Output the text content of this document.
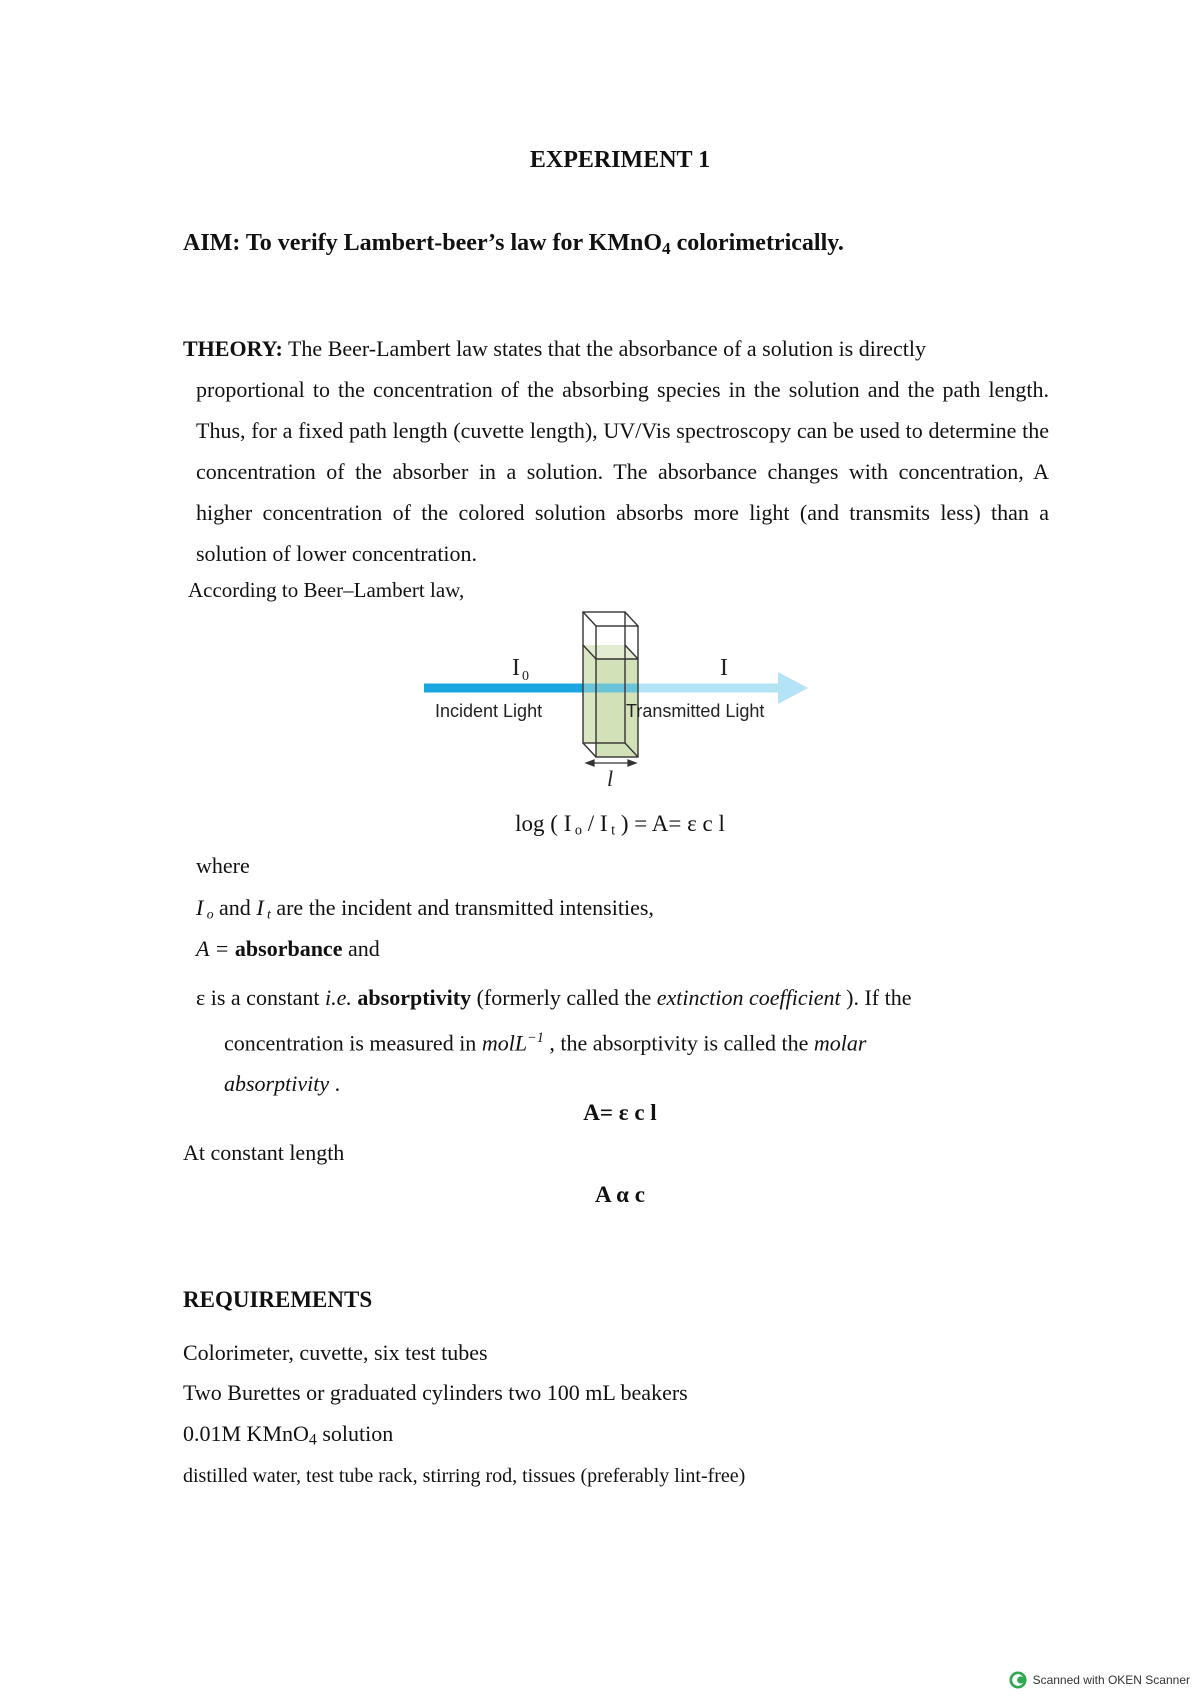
EXPERIMENT 1
AIM: To verify Lambert-beer’s law for KMnO$_4$ colorimetrically.

THEORY: The Beer-Lambert law states that the absorbance of a solution is directly

proportional to the concentration of the absorbing species in the solution and the path length. Thus, for a fixed path length (cuvette length), UV/Vis spectroscopy can be used to determine the concentration of the absorber in a solution. The absorbance changes with concentration, A higher concentration of the colored solution absorbs more light (and transmits less) than a solution of lower concentration.

According to Beer–Lambert law,
I 0	I
Incident Light	Transmitted Light
l
log ( I o / I t ) = A= ε c l
where
I o and I t are the incident and transmitted intensities,
A = absorbance and
ε is a constant i.e. absorptivity (formerly called the extinction coefficient ). If the
concentration is measured in molL$^{-1}$ , the absorptivity is called the molar
absorptivity .
A= ε c l
At constant length
A α c
REQUIREMENTS
Colorimeter, cuvette, six test tubes
Two Burettes or graduated cylinders two 100 mL beakers
0.01M KMnO$_4$ solution
distilled water, test tube rack, stirring rod, tissues (preferably lint-free)
Scanned with OKEN Scanner
